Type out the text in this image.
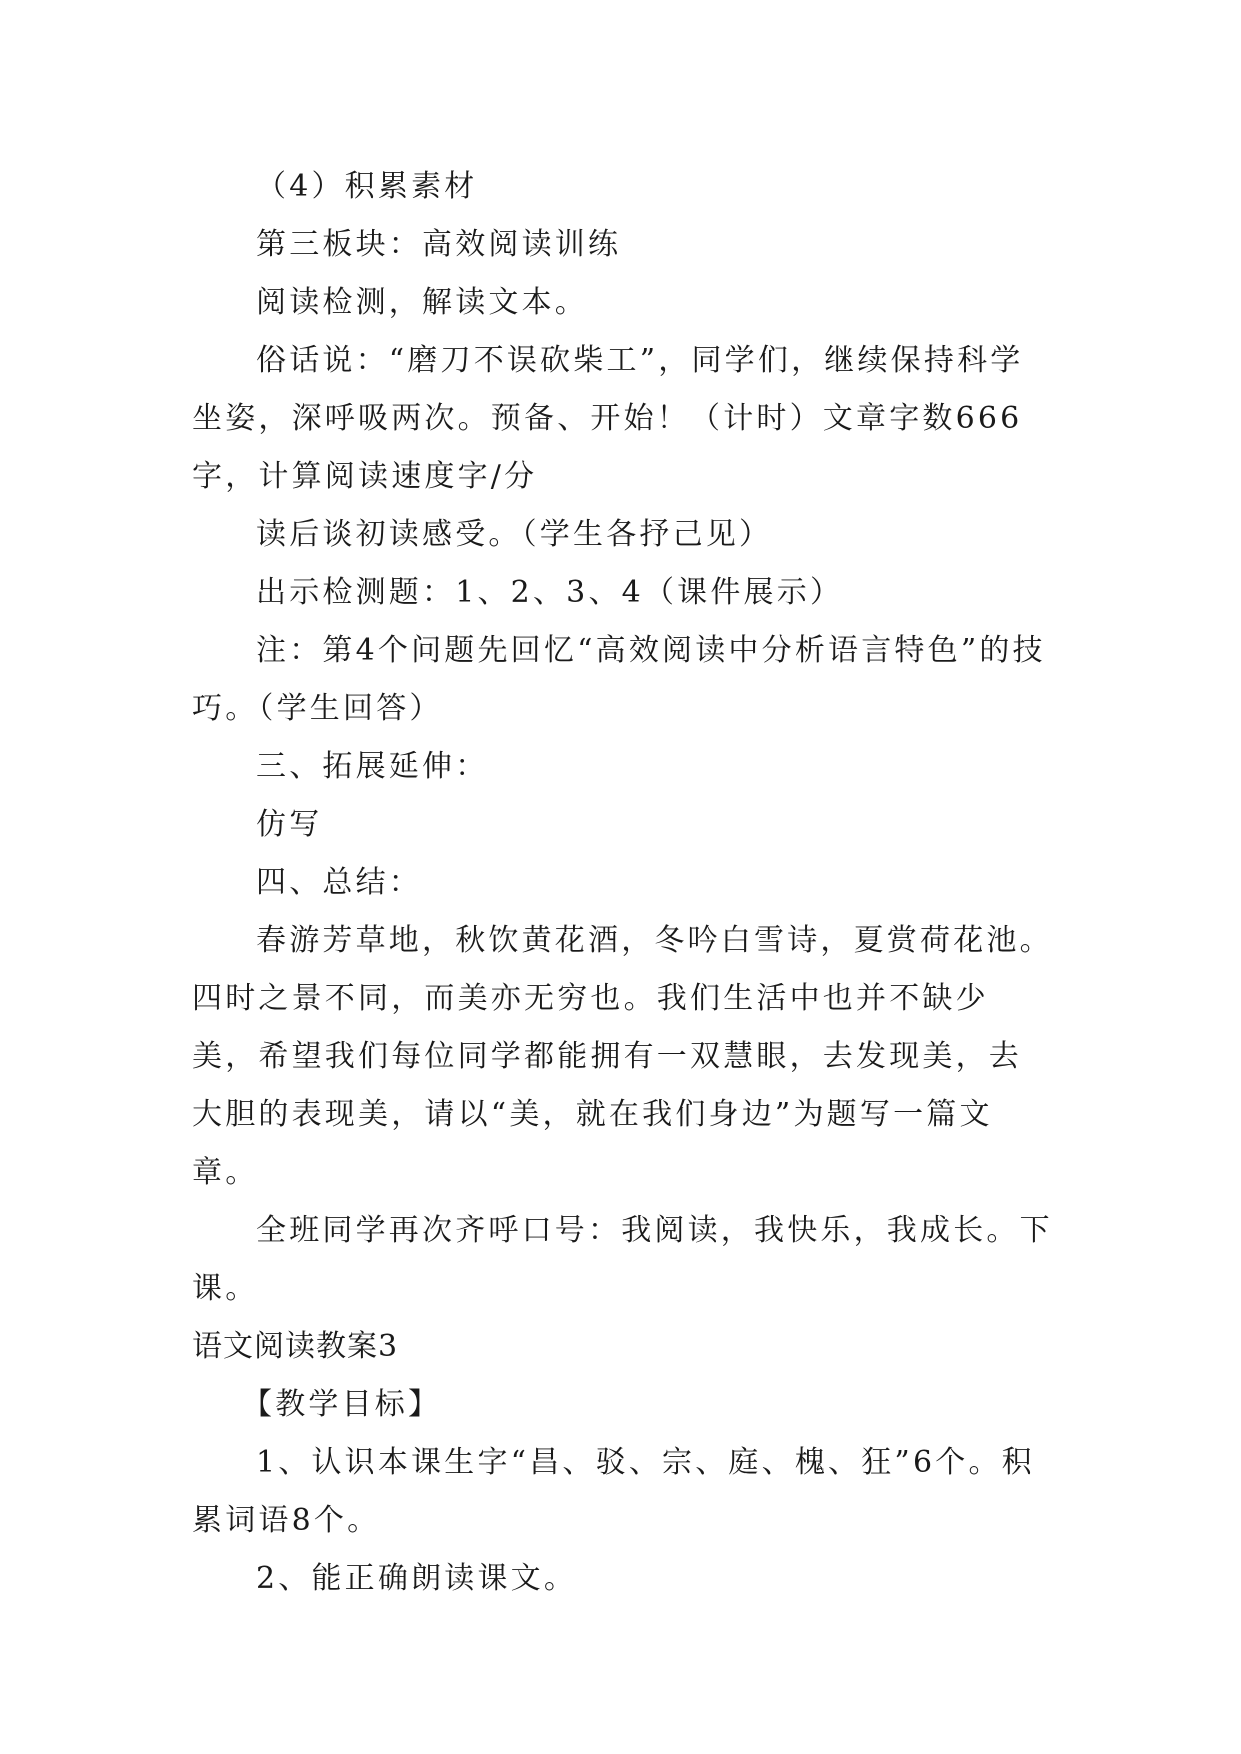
（4）积累素材

第三板块：高效阅读训练

阅读检测，解读文本。

俗话说：“磨刀不误砍柴工”，同学们，继续保持科学坐姿，深呼吸两次。预备、开始！（计时）文章字数666字，计算阅读速度字/分

读后谈初读感受。（学生各抒己见）

出示检测题：1、2、3、4（课件展示）

注：第4个问题先回忆“高效阅读中分析语言特色”的技巧。（学生回答）

三、拓展延伸：

仿写

四、总结：

春游芳草地，秋饮黄花酒，冬吟白雪诗，夏赏荷花池。四时之景不同，而美亦无穷也。我们生活中也并不缺少美，希望我们每位同学都能拥有一双慧眼，去发现美，去大胆的表现美，请以“美，就在我们身边”为题写一篇文章。

全班同学再次齐呼口号：我阅读，我快乐，我成长。下课。

语文阅读教案3

【教学目标】

1、认识本课生字“昌、驳、宗、庭、槐、狂”6个。积累词语8个。

2、能正确朗读课文。
